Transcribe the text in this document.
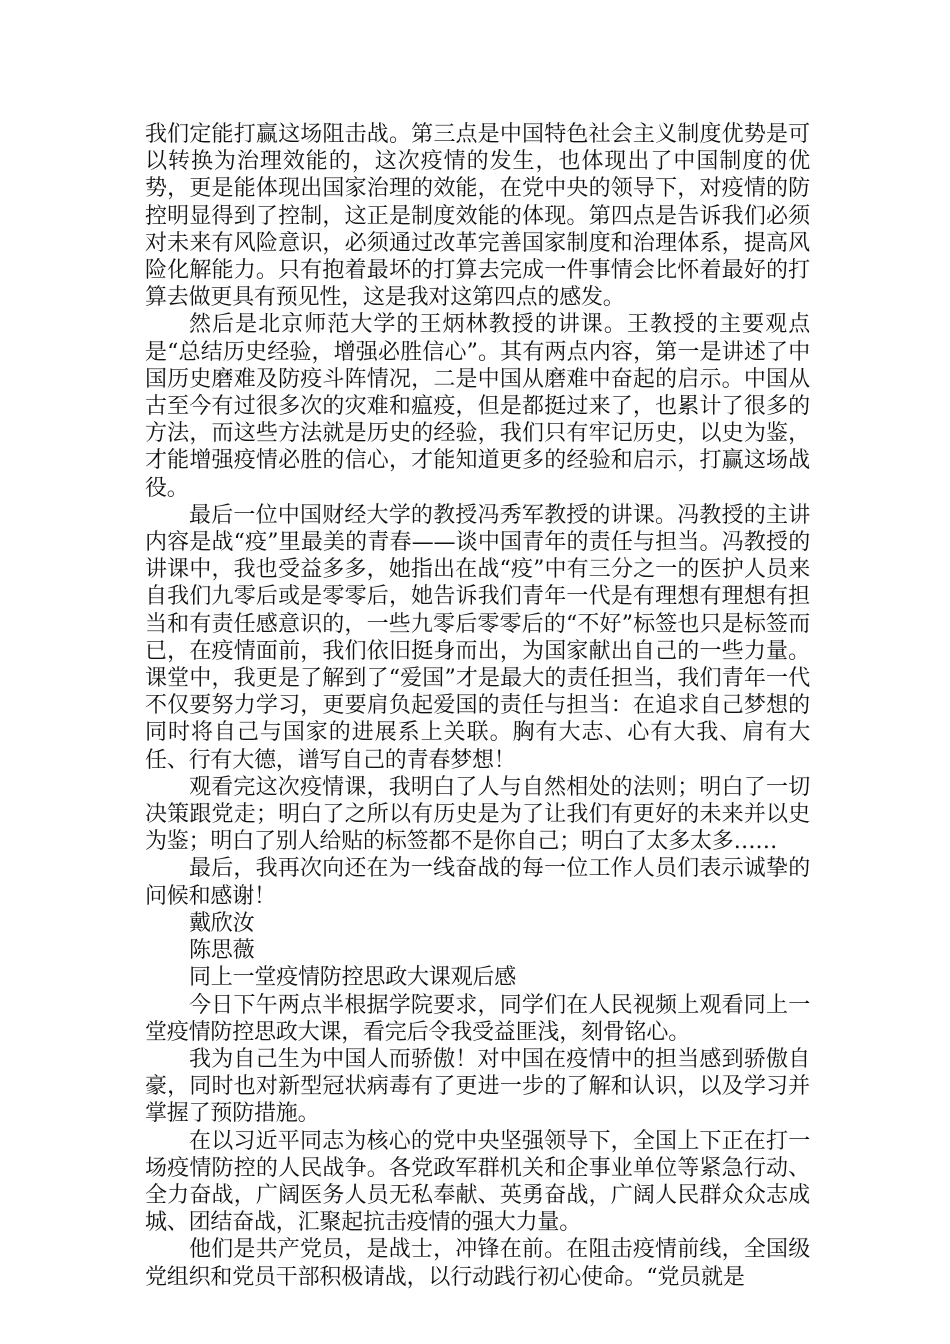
我们定能打赢这场阻击战。第三点是中国特色社会主义制度优势是可以转换为治理效能的，这次疫情的发生，也体现出了中国制度的优势，更是能体现出国家治理的效能，在党中央的领导下，对疫情的防控明显得到了控制，这正是制度效能的体现。第四点是告诉我们必须对未来有风险意识，必须通过改革完善国家制度和治理体系，提高风险化解能力。只有抱着最坏的打算去完成一件事情会比怀着最好的打算去做更具有预见性，这是我对这第四点的感发。

然后是北京师范大学的王炳林教授的讲课。王教授的主要观点是“总结历史经验，增强必胜信心”。其有两点内容，第一是讲述了中国历史磨难及防疫斗阵情况，二是中国从磨难中奋起的启示。中国从古至今有过很多次的灾难和瘟疫，但是都挺过来了，也累计了很多的方法，而这些方法就是历史的经验，我们只有牢记历史，以史为鉴，才能增强疫情必胜的信心，才能知道更多的经验和启示，打赢这场战役。

最后一位中国财经大学的教授冯秀军教授的讲课。冯教授的主讲内容是战“疫”里最美的青春——谈中国青年的责任与担当。冯教授的讲课中，我也受益多多，她指出在战“疫”中有三分之一的医护人员来自我们九零后或是零零后，她告诉我们青年一代是有理想有理想有担当和有责任感意识的，一些九零后零零后的“不好”标签也只是标签而已，在疫情面前，我们依旧挺身而出，为国家献出自己的一些力量。课堂中，我更是了解到了“爱国”才是最大的责任担当，我们青年一代不仅要努力学习，更要肩负起爱国的责任与担当：在追求自己梦想的同时将自己与国家的进展系上关联。胸有大志、心有大我、肩有大任、行有大德，谱写自己的青春梦想！

观看完这次疫情课，我明白了人与自然相处的法则；明白了一切决策跟党走；明白了之所以有历史是为了让我们有更好的未来并以史为鉴；明白了别人给贴的标签都不是你自己；明白了太多太多……

最后，我再次向还在为一线奋战的每一位工作人员们表示诚挚的问候和感谢！

戴欣汝

陈思薇

同上一堂疫情防控思政大课观后感

今日下午两点半根据学院要求，同学们在人民视频上观看同上一堂疫情防控思政大课，看完后令我受益匪浅，刻骨铭心。

我为自己生为中国人而骄傲！对中国在疫情中的担当感到骄傲自豪，同时也对新型冠状病毒有了更进一步的了解和认识，以及学习并掌握了预防措施。

在以习近平同志为核心的党中央坚强领导下，全国上下正在打一场疫情防控的人民战争。各党政军群机关和企事业单位等紧急行动、全力奋战，广阔医务人员无私奉献、英勇奋战，广阔人民群众众志成城、团结奋战，汇聚起抗击疫情的强大力量。

他们是共产党员，是战士，冲锋在前。在阻击疫情前线，全国级党组织和党员干部积极请战，以行动践行初心使命。“党员就是
